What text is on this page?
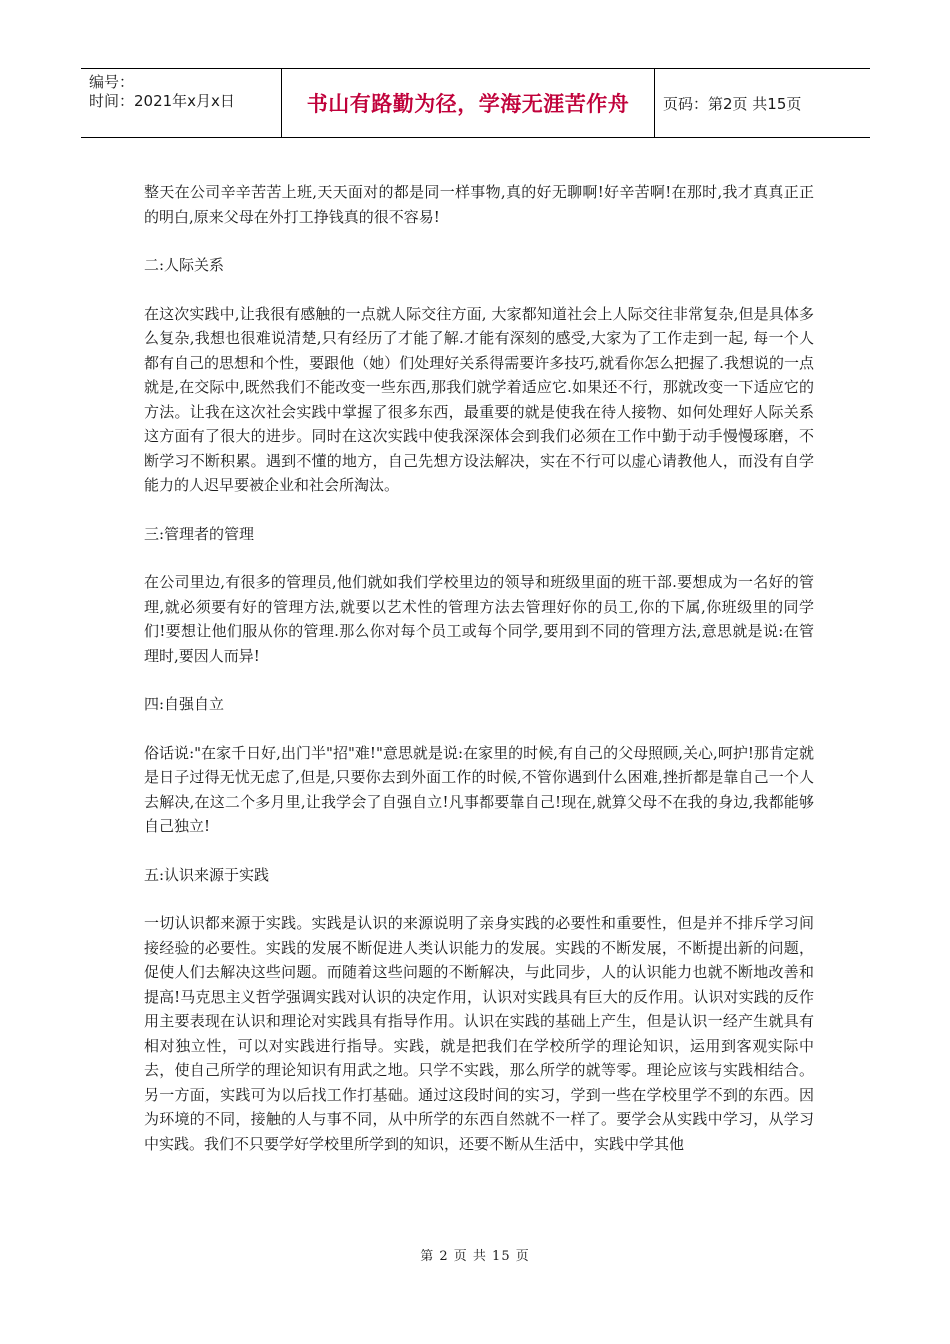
编号：
时间：2021年x月x日	书山有路勤为径，学海无涯苦作舟	页码：第2页 共15页

整天在公司辛辛苦苦上班,天天面对的都是同一样事物,真的好无聊啊!好辛苦啊!在那时,我才真真正正的明白,原来父母在外打工挣钱真的很不容易!

二:人际关系

在这次实践中,让我很有感触的一点就人际交往方面, 大家都知道社会上人际交往非常复杂,但是具体多么复杂,我想也很难说清楚,只有经历了才能了解.才能有深刻的感受,大家为了工作走到一起, 每一个人都有自己的思想和个性，要跟他（她）们处理好关系得需要许多技巧,就看你怎么把握了.我想说的一点就是,在交际中,既然我们不能改变一些东西,那我们就学着适应它.如果还不行，那就改变一下适应它的方法。让我在这次社会实践中掌握了很多东西，最重要的就是使我在待人接物、如何处理好人际关系这方面有了很大的进步。同时在这次实践中使我深深体会到我们必须在工作中勤于动手慢慢琢磨，不断学习不断积累。遇到不懂的地方，自己先想方设法解决，实在不行可以虚心请教他人，而没有自学能力的人迟早要被企业和社会所淘汰。

三:管理者的管理

在公司里边,有很多的管理员,他们就如我们学校里边的领导和班级里面的班干部.要想成为一名好的管理,就必须要有好的管理方法,就要以艺术性的管理方法去管理好你的员工,你的下属,你班级里的同学们!要想让他们服从你的管理.那么你对每个员工或每个同学,要用到不同的管理方法,意思就是说:在管理时,要因人而异!

四:自强自立

俗话说:"在家千日好,出门半"招"难!"意思就是说:在家里的时候,有自己的父母照顾,关心,呵护!那肯定就是日子过得无忧无虑了,但是,只要你去到外面工作的时候,不管你遇到什么困难,挫折都是靠自己一个人去解决,在这二个多月里,让我学会了自强自立!凡事都要靠自己!现在,就算父母不在我的身边,我都能够自己独立!

五:认识来源于实践

一切认识都来源于实践。实践是认识的来源说明了亲身实践的必要性和重要性，但是并不排斥学习间接经验的必要性。实践的发展不断促进人类认识能力的发展。实践的不断发展，不断提出新的问题，促使人们去解决这些问题。而随着这些问题的不断解决，与此同步，人的认识能力也就不断地改善和提高!马克思主义哲学强调实践对认识的决定作用，认识对实践具有巨大的反作用。认识对实践的反作用主要表现在认识和理论对实践具有指导作用。认识在实践的基础上产生，但是认识一经产生就具有相对独立性，可以对实践进行指导。实践，就是把我们在学校所学的理论知识，运用到客观实际中去，使自己所学的理论知识有用武之地。只学不实践，那么所学的就等零。理论应该与实践相结合。另一方面，实践可为以后找工作打基础。通过这段时间的实习，学到一些在学校里学不到的东西。因为环境的不同，接触的人与事不同，从中所学的东西自然就不一样了。要学会从实践中学习，从学习中实践。我们不只要学好学校里所学到的知识，还要不断从生活中，实践中学其他

第 2 页 共 15 页
